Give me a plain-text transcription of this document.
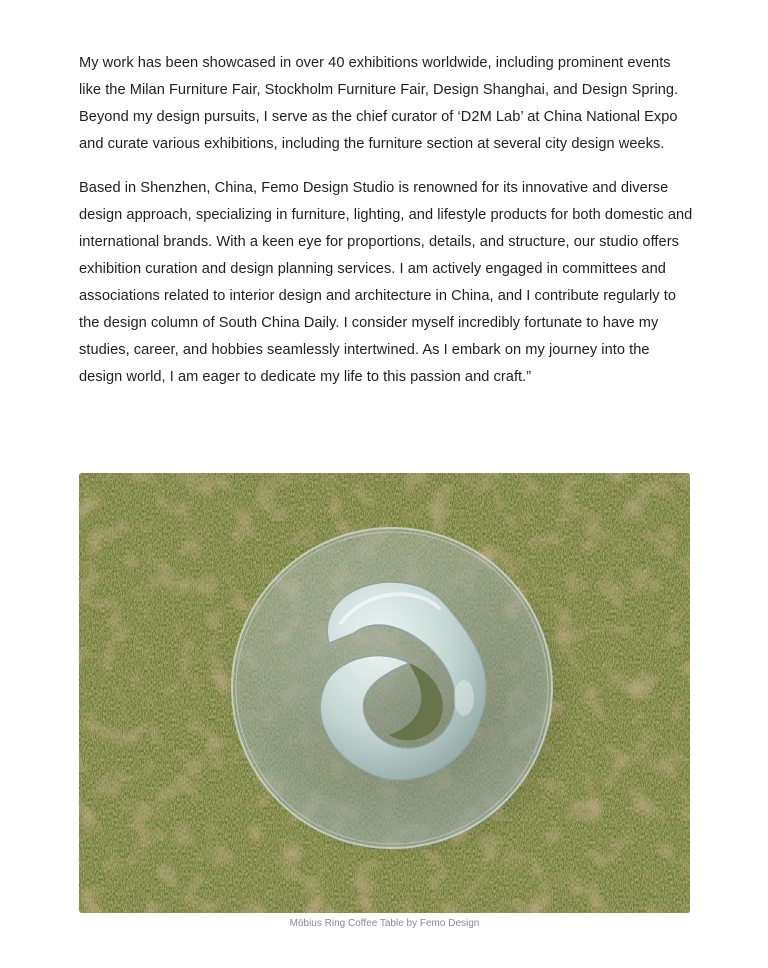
My work has been showcased in over 40 exhibitions worldwide, including prominent events like the Milan Furniture Fair, Stockholm Furniture Fair, Design Shanghai, and Design Spring. Beyond my design pursuits, I serve as the chief curator of ‘D2M Lab’ at China National Expo and curate various exhibitions, including the furniture section at several city design weeks.

Based in Shenzhen, China, Femo Design Studio is renowned for its innovative and diverse design approach, specializing in furniture, lighting, and lifestyle products for both domestic and international brands. With a keen eye for proportions, details, and structure, our studio offers exhibition curation and design planning services. I am actively engaged in committees and associations related to interior design and architecture in China, and I contribute regularly to the design column of South China Daily. I consider myself incredibly fortunate to have my studies, career, and hobbies seamlessly intertwined. As I embark on my journey into the design world, I am eager to dedicate my life to this passion and craft.”

Möbius Ring Coffee Table by Femo Design
